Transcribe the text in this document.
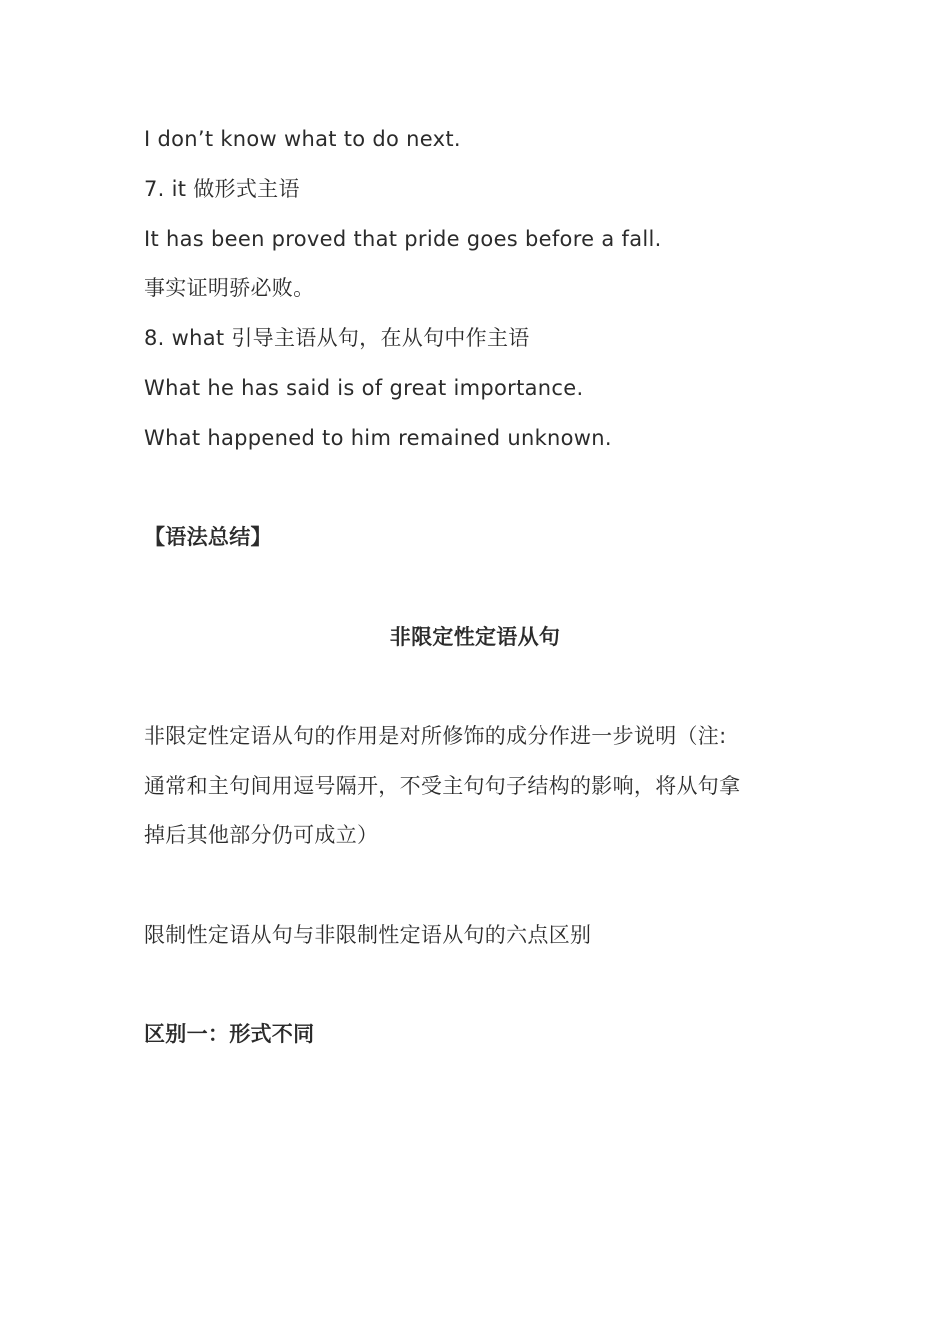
I don’t know what to do next.
7. it 做形式主语
It has been proved that pride goes before a fall.
事实证明骄必败。
8. what 引导主语从句，在从句中作主语
What he has said is of great importance.
What happened to him remained unknown.
【语法总结】
非限定性定语从句
非限定性定语从句的作用是对所修饰的成分作进一步说明（注:
通常和主句间用逗号隔开，不受主句句子结构的影响，将从句拿
掉后其他部分仍可成立）
限制性定语从句与非限制性定语从句的六点区别
区别一：形式不同
